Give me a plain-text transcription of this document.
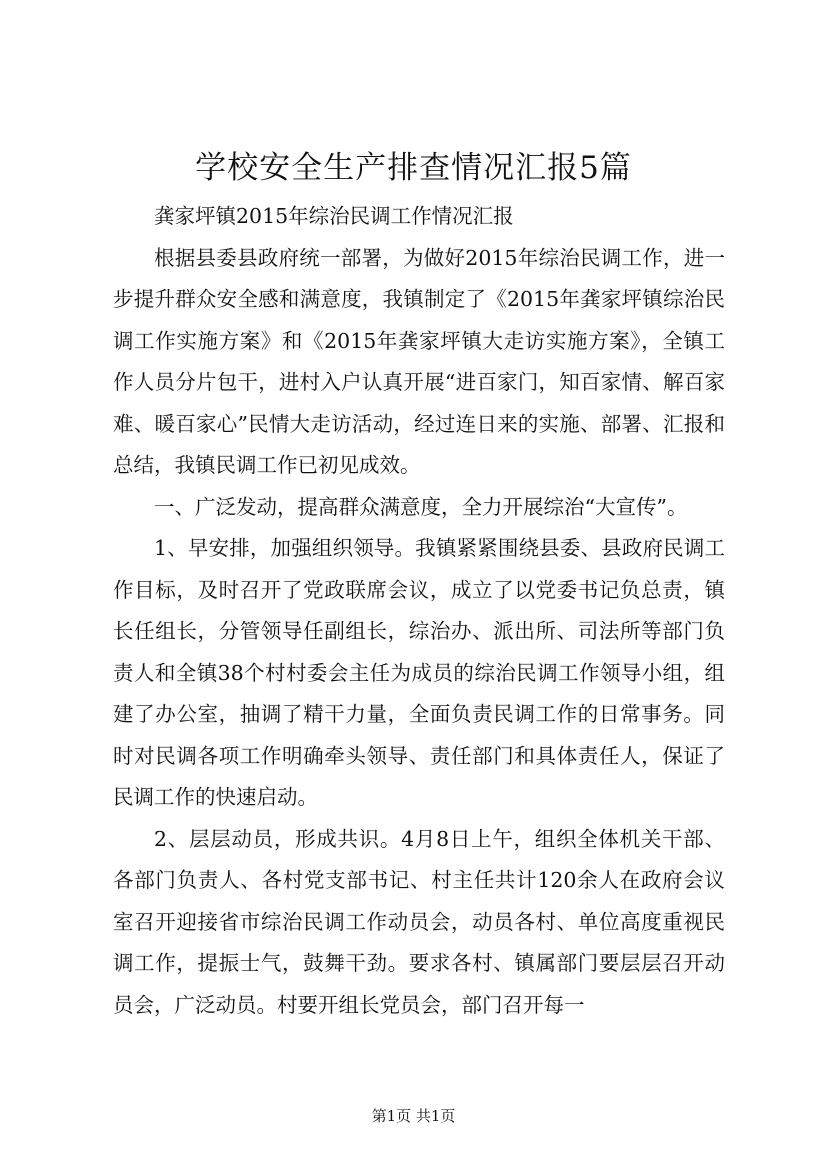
学校安全生产排查情况汇报5篇

龚家坪镇2015年综治民调工作情况汇报

根据县委县政府统一部署，为做好2015年综治民调工作，进一步提升群众安全感和满意度，我镇制定了《2015年龚家坪镇综治民调工作实施方案》和《2015年龚家坪镇大走访实施方案》，全镇工作人员分片包干，进村入户认真开展“进百家门，知百家情、解百家难、暖百家心”民情大走访活动，经过连日来的实施、部署、汇报和总结，我镇民调工作已初见成效。

一、广泛发动，提高群众满意度，全力开展综治“大宣传”。

1、早安排，加强组织领导。我镇紧紧围绕县委、县政府民调工作目标，及时召开了党政联席会议，成立了以党委书记负总责，镇长任组长，分管领导任副组长，综治办、派出所、司法所等部门负责人和全镇38个村村委会主任为成员的综治民调工作领导小组，组建了办公室，抽调了精干力量，全面负责民调工作的日常事务。同时对民调各项工作明确牵头领导、责任部门和具体责任人，保证了民调工作的快速启动。

2、层层动员，形成共识。4月8日上午，组织全体机关干部、各部门负责人、各村党支部书记、村主任共计120余人在政府会议室召开迎接省市综治民调工作动员会，动员各村、单位高度重视民调工作，提振士气，鼓舞干劲。要求各村、镇属部门要层层召开动员会，广泛动员。村要开组长党员会，部门召开每一

第1页 共1页
